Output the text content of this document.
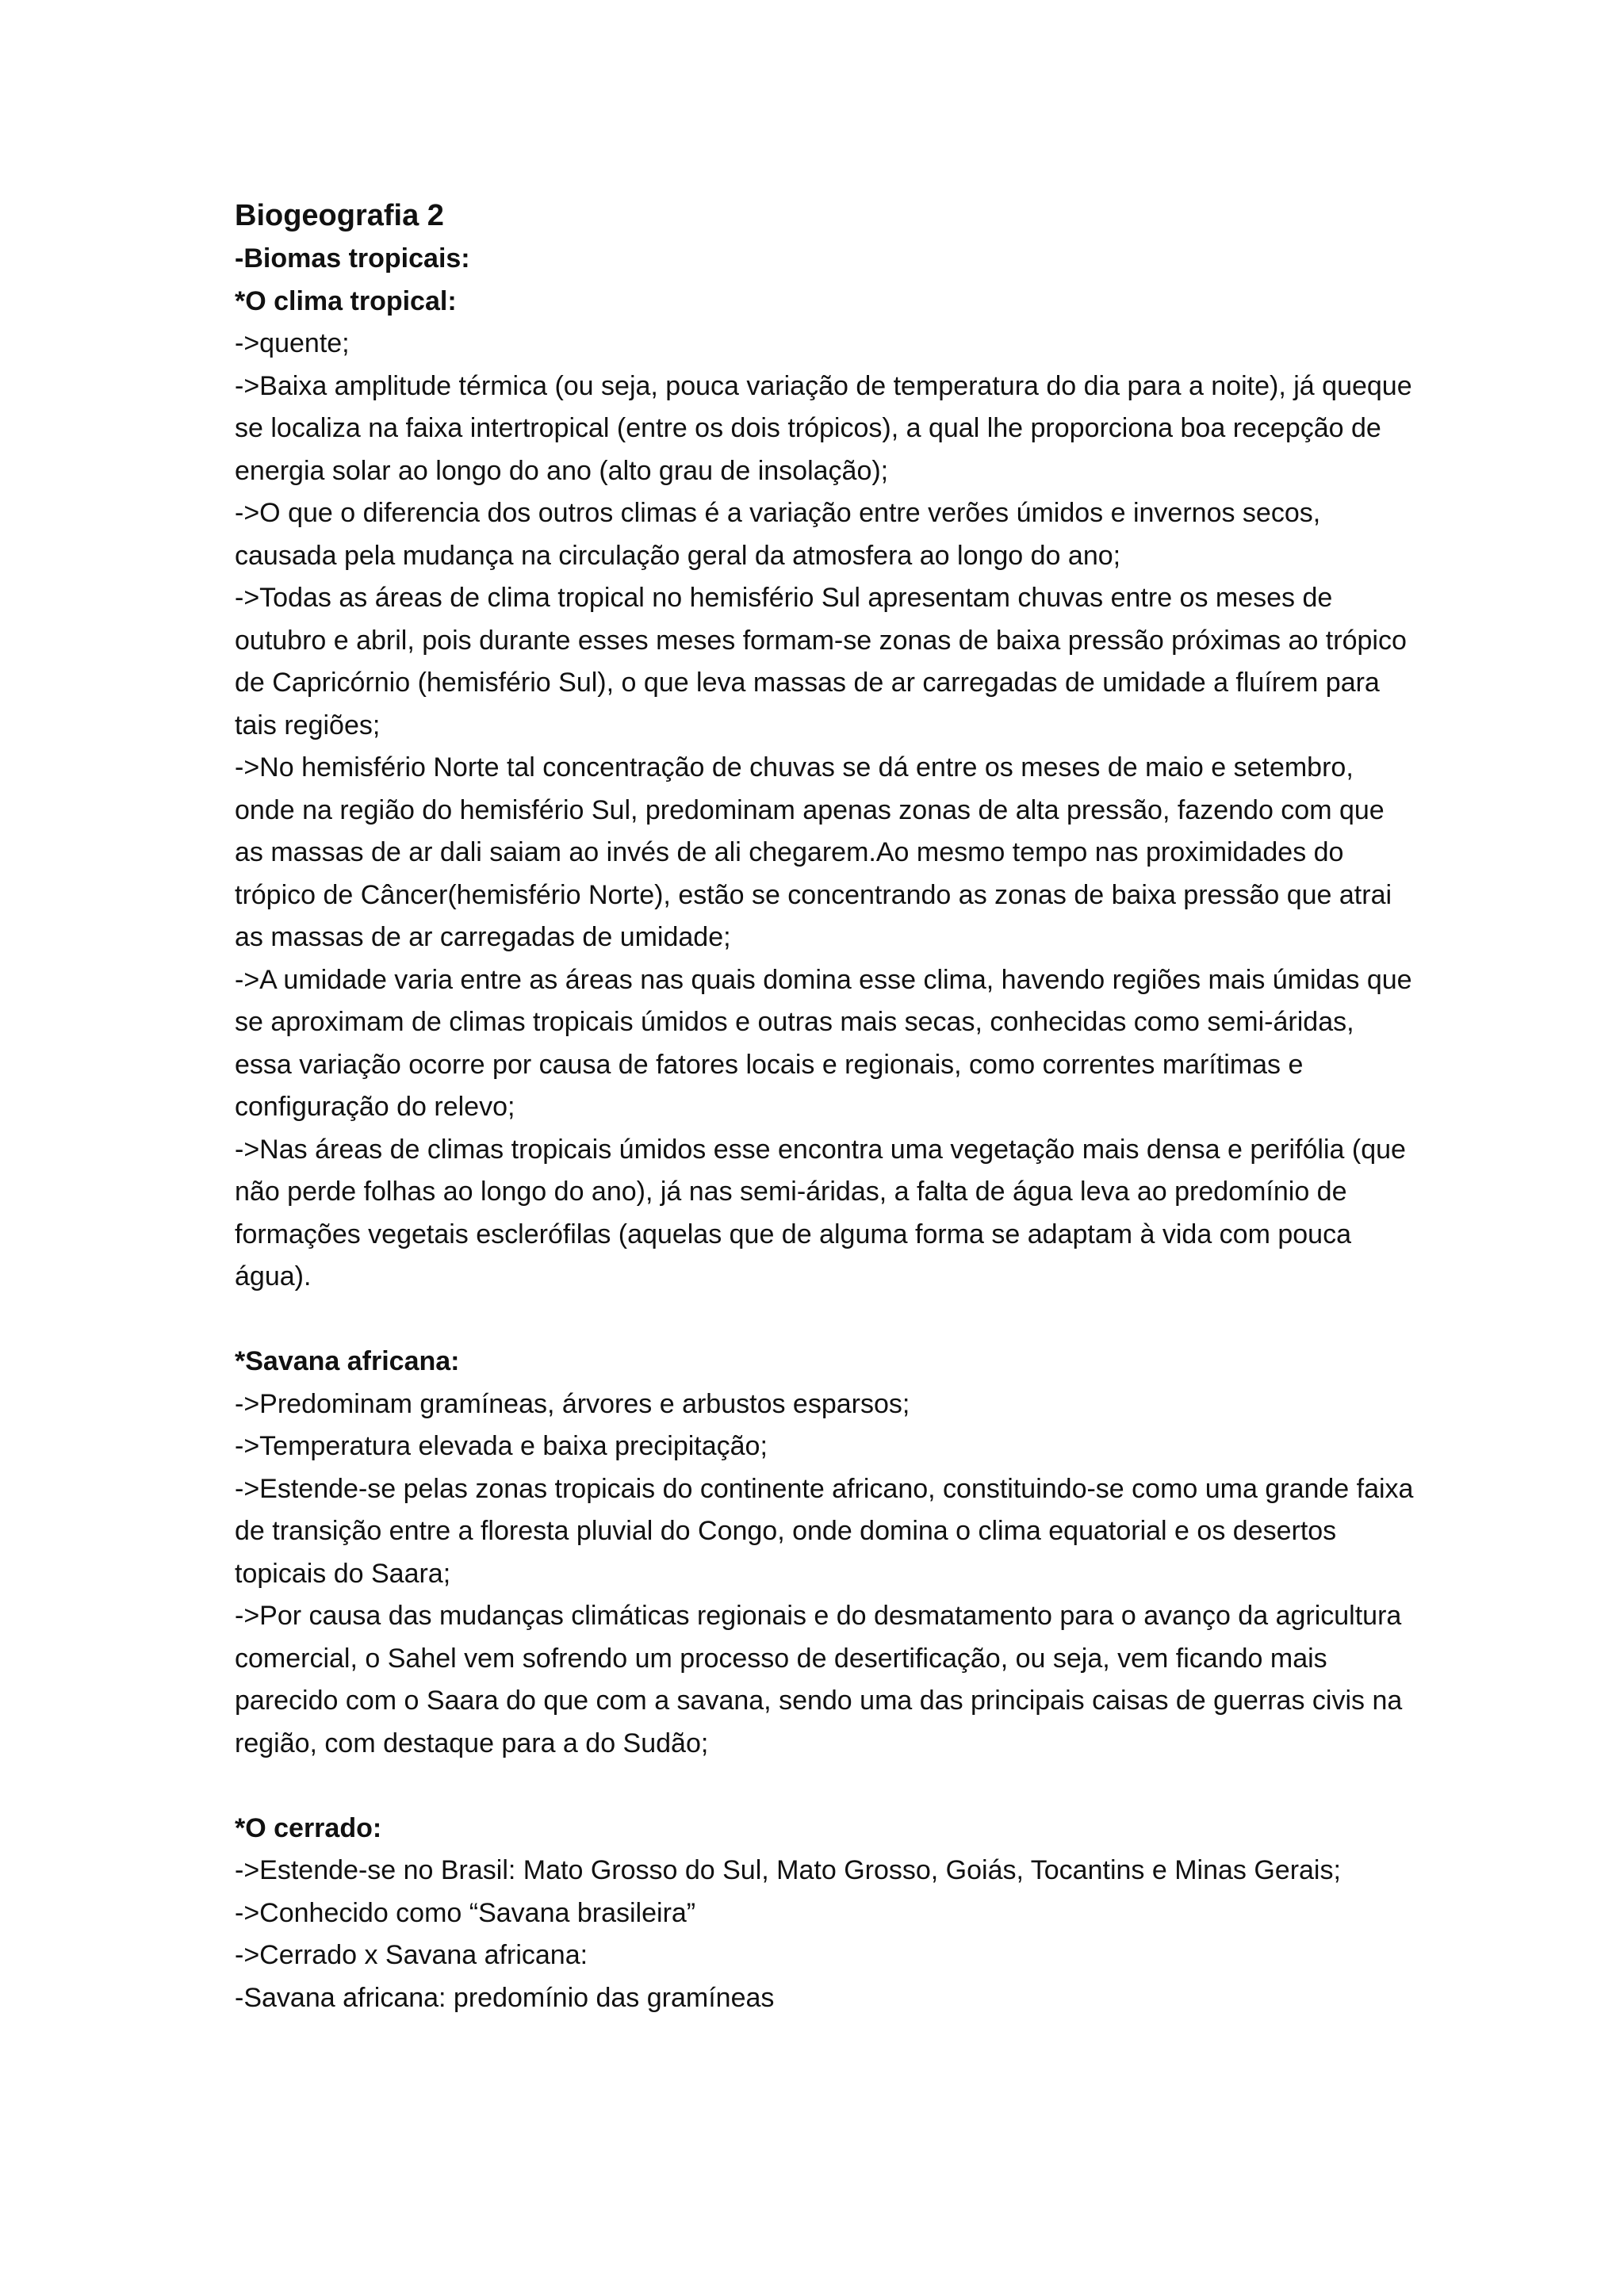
Biogeografia 2

-Biomas tropicais:

*O clima tropical:

->quente;

->Baixa amplitude térmica (ou seja, pouca variação de temperatura do dia para a noite), já queque se localiza na faixa intertropical (entre os dois trópicos), a qual lhe proporciona boa recepção de energia solar ao longo do ano (alto grau de insolação);

->O que o diferencia dos outros climas é a variação entre verões úmidos e invernos secos, causada pela mudança na circulação geral da atmosfera ao longo do ano;

->Todas as áreas de clima tropical no hemisfério Sul apresentam chuvas entre os meses de outubro e abril, pois durante esses meses formam-se zonas de baixa pressão próximas ao trópico de Capricórnio (hemisfério Sul), o que leva massas de ar carregadas de umidade a fluírem para tais regiões;

->No hemisfério Norte tal concentração de chuvas se dá entre os meses de maio e setembro, onde na região do hemisfério Sul, predominam apenas zonas de alta pressão, fazendo com que as massas de ar dali saiam ao invés de ali chegarem.Ao mesmo tempo nas proximidades do trópico de Câncer(hemisfério Norte), estão se concentrando as zonas de baixa pressão que atrai as massas de ar carregadas de umidade;

->A umidade varia entre as áreas nas quais domina esse clima, havendo regiões mais úmidas que se aproximam de climas tropicais úmidos e outras mais secas, conhecidas como semi-áridas, essa variação ocorre por causa de fatores locais e regionais, como correntes marítimas e configuração do relevo;

->Nas áreas de climas tropicais úmidos esse encontra uma vegetação mais densa e perifólia (que não perde folhas ao longo do ano), já nas semi-áridas, a falta de água leva ao predomínio de formações vegetais esclerófilas (aquelas que de alguma forma se adaptam à vida com pouca água).

*Savana africana:

->Predominam gramíneas, árvores e arbustos esparsos;

->Temperatura elevada e baixa precipitação;

->Estende-se pelas zonas tropicais do continente africano, constituindo-se como uma grande faixa de transição entre a floresta pluvial do Congo, onde domina o clima equatorial e os desertos topicais do Saara;

->Por causa das mudanças climáticas regionais e do desmatamento para o avanço da agricultura comercial, o Sahel vem sofrendo um processo de desertificação, ou seja, vem ficando mais parecido com o Saara do que com a savana, sendo uma das principais caisas de guerras civis na região, com destaque para a do Sudão;

*O cerrado:

->Estende-se no Brasil: Mato Grosso do Sul, Mato Grosso, Goiás, Tocantins e Minas Gerais;

->Conhecido como “Savana brasileira”

->Cerrado x Savana africana:

-Savana africana: predomínio das gramíneas
